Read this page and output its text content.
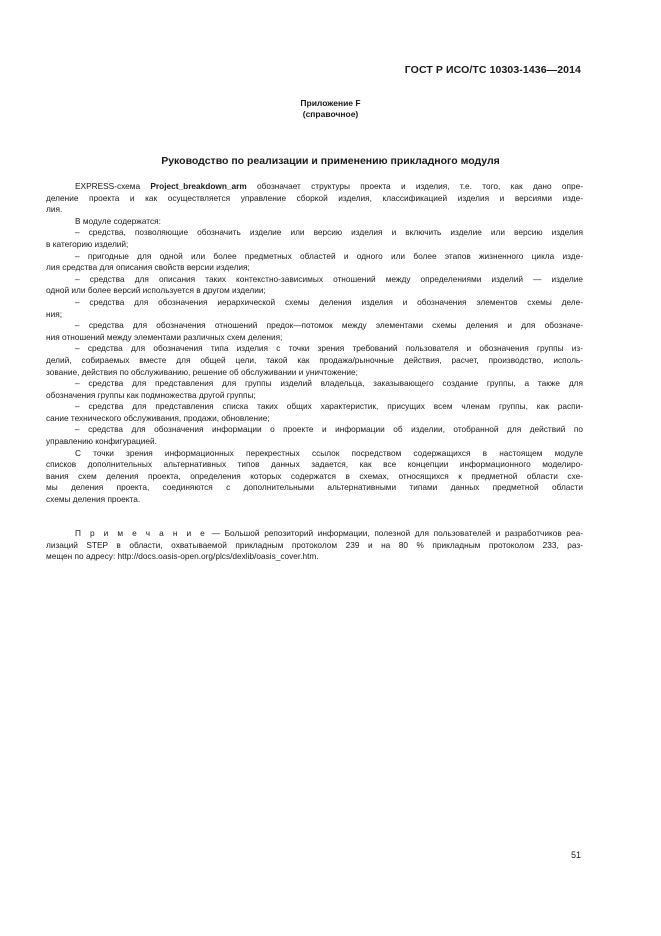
ГОСТ Р ИСО/ТС 10303-1436—2014
Приложение F
(справочное)
Руководство по реализации и применению прикладного модуля
EXPRESS-схема Project_breakdown_arm обозначает структуры проекта и изделия, т.е. того, как дано опре-
деление проекта и как осуществляется управление сборкой изделия, классификацией изделия и версиями изде-
лия.
В модуле содержатся:
– средства, позволяющие обозначить изделие или версию изделия и включить изделие или версию изделия
в категорию изделий;
– пригодные для одной или более предметных областей и одного или более этапов жизненного цикла изде-
лия средства для описания свойств версии изделия;
– средства для описания таких контекстно-зависимых отношений между определениями изделий — изделие
одной или более версий используется в другом изделии;
– средства для обозначения иерархической схемы деления изделия и обозначения элементов схемы деле-
ния;
– средства для обозначения отношений предок—потомок между элементами схемы деления и для обозначе-
ния отношений между элементами различных схем деления;
– средства для обозначения типа изделия с точки зрения требований пользователя и обозначения группы из-
делий, собираемых вместе для общей цели, такой как продажа/рыночные действия, расчет, производство, исполь-
зование, действия по обслуживанию, решение об обслуживании и уничтожение;
– средства для представления для группы изделий владельца, заказывающего создание группы, а также для
обозначения группы как подмножества другой группы;
– средства для представления списка таких общих характеристик, присущих всем членам группы, как распи-
сание технического обслуживания, продажи, обновление;
– средства для обозначения информации о проекте и информации об изделии, отобранной для действий по
управлению конфигурацией.
С точки зрения информационных перекрестных ссылок посредством содержащихся в настоящем модуле
списков дополнительных альтернативных типов данных задается, как все концепции информационного моделиро-
вания схем деления проекта, определения которых содержатся в схемах, относящихся к предметной области схе-
мы деления проекта, соединяются с дополнительными альтернативными типами данных предметной области
схемы деления проекта.
П р и м е ч а н и е — Большой репозиторий информации, полезной для пользователей и разработчиков реа-
лизаций STEP в области, охватываемой прикладным протоколом 239 и на 80 % прикладным протоколом 233, раз-
мещен по адресу: http://docs.oasis-open.org/plcs/dexlib/oasis_cover.htm.
51
